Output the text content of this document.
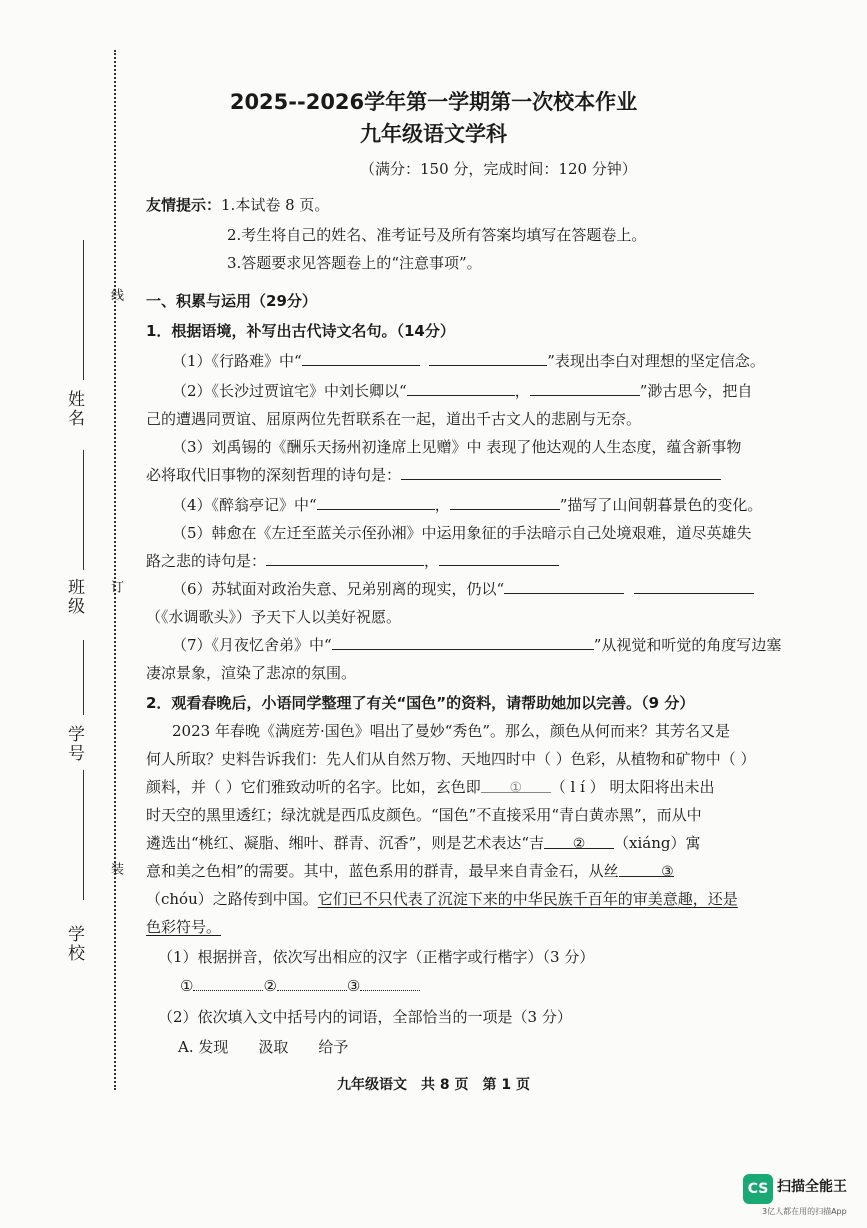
线
订
装
姓名
班级
学号
学校
2025--2026学年第一学期第一次校本作业
九年级语文学科
（满分：150 分，完成时间：120 分钟）
友情提示：1.本试卷 8 页。
2.考生将自己的姓名、准考证号及所有答案均填写在答题卷上。
3.答题要求见答题卷上的“注意事项”。
一、积累与运用（29分）
1．根据语境，补写出古代诗文名句。（14分）
（1）《行路难》中“	”表现出李白对理想的坚定信念。
（2）《长沙过贾谊宅》中刘长卿以“	，	”渺古思今，把自
己的遭遇同贾谊、屈原两位先哲联系在一起，道出千古文人的悲剧与无奈。
（3）刘禹锡的《酬乐天扬州初逢席上见赠》中 表现了他达观的人生态度，蕴含新事物
必将取代旧事物的深刻哲理的诗句是：
（4）《醉翁亭记》中“	，	”描写了山间朝暮景色的变化。
（5）韩愈在《左迁至蓝关示侄孙湘》中运用象征的手法暗示自己处境艰难，道尽英雄失
路之悲的诗句是：	，
（6）苏轼面对政治失意、兄弟别离的现实，仍以“
（《水调歌头》）予天下人以美好祝愿。
（7）《月夜忆舍弟》中“	”从视觉和听觉的角度写边塞
凄凉景象，渲染了悲凉的氛围。
2．观看春晚后，小语同学整理了有关“国色”的资料，请帮助她加以完善。（9 分）
2023 年春晚《满庭芳·国色》唱出了曼妙“秀色”。那么，颜色从何而来？其芳名又是
何人所取？史料告诉我们：先人们从自然万物、天地四时中（ ）色彩，从植物和矿物中（ ）
颜料，并（ ）它们雅致动听的名字。比如，玄色即 ① （ l í ） 明太阳将出未出
时天空的黑里透红；绿沈就是西瓜皮颜色。“国色”不直接采用“青白黄赤黑”，而从中
遴选出“桃红、凝脂、缃叶、群青、沉香”，则是艺术表达“吉 ② （xiáng）寓
意和美之色相”的需要。其中，蓝色系用的群青，最早来自青金石，从丝	③
（chóu）之路传到中国。它们已不只代表了沉淀下来的中华民族千百年的审美意趣，还是
色彩符号。
（1）根据拼音，依次写出相应的汉字（正楷字或行楷字）（3 分）
①	②	③
（2）依次填入文中括号内的词语，全部恰当的一项是（3 分）
A. 发现　　汲取　　给予
九年级语文　共 8 页　第 1 页
CS 扫描全能王
3亿人都在用的扫描App
